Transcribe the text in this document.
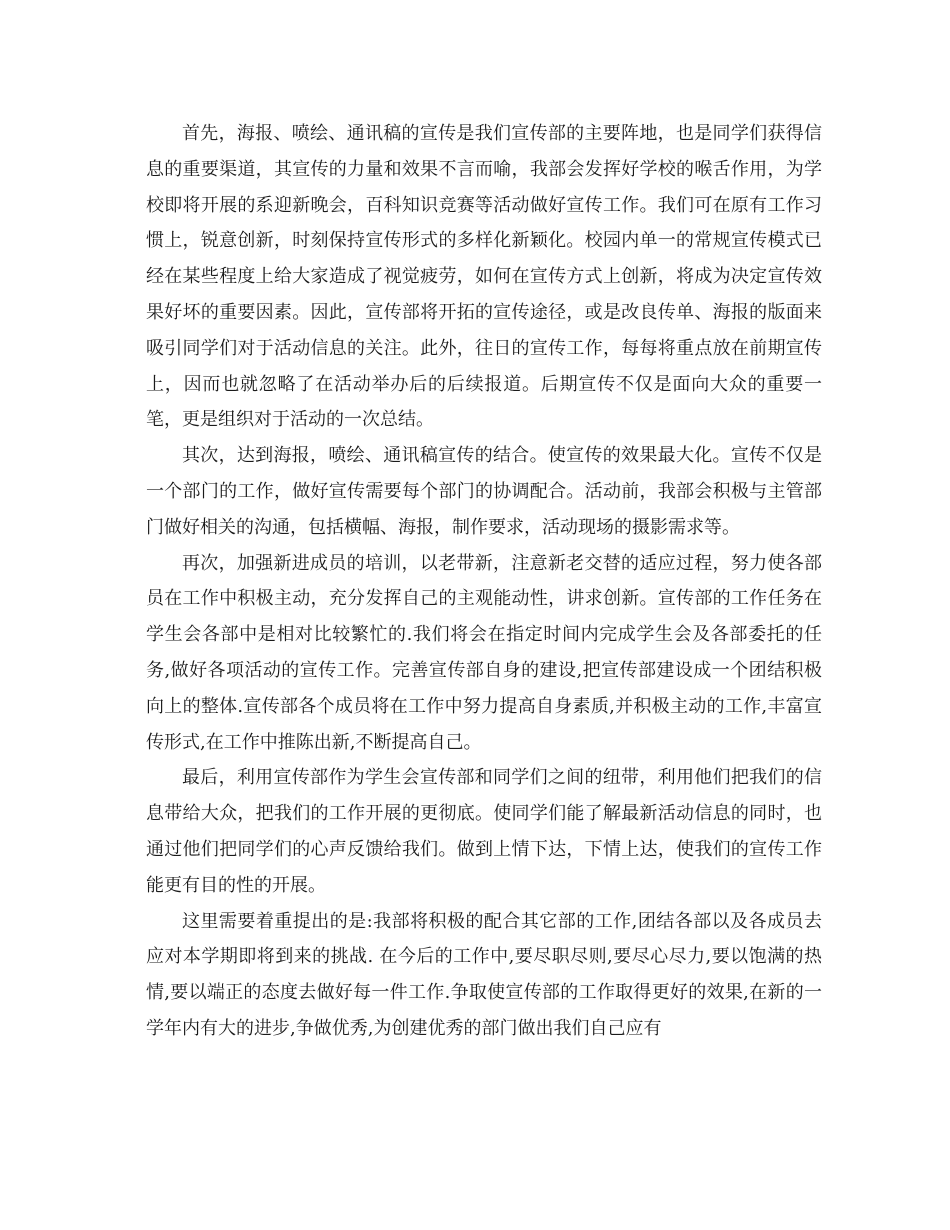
首先，海报、喷绘、通讯稿的宣传是我们宣传部的主要阵地，也是同学们获得信息的重要渠道，其宣传的力量和效果不言而喻，我部会发挥好学校的喉舌作用，为学校即将开展的系迎新晚会，百科知识竞赛等活动做好宣传工作。我们可在原有工作习惯上，锐意创新，时刻保持宣传形式的多样化新颖化。校园内单一的常规宣传模式已经在某些程度上给大家造成了视觉疲劳，如何在宣传方式上创新，将成为决定宣传效果好坏的重要因素。因此，宣传部将开拓的宣传途径，或是改良传单、海报的版面来吸引同学们对于活动信息的关注。此外，往日的宣传工作，每每将重点放在前期宣传上，因而也就忽略了在活动举办后的后续报道。后期宣传不仅是面向大众的重要一笔，更是组织对于活动的一次总结。

其次，达到海报，喷绘、通讯稿宣传的结合。使宣传的效果最大化。宣传不仅是一个部门的工作，做好宣传需要每个部门的协调配合。活动前，我部会积极与主管部门做好相关的沟通，包括横幅、海报，制作要求，活动现场的摄影需求等。

再次，加强新进成员的培训，以老带新，注意新老交替的适应过程，努力使各部员在工作中积极主动，充分发挥自己的主观能动性，讲求创新。宣传部的工作任务在学生会各部中是相对比较繁忙的.我们将会在指定时间内完成学生会及各部委托的任务,做好各项活动的宣传工作。完善宣传部自身的建设,把宣传部建设成一个团结积极向上的整体.宣传部各个成员将在工作中努力提高自身素质,并积极主动的工作,丰富宣传形式,在工作中推陈出新,不断提高自己。

最后，利用宣传部作为学生会宣传部和同学们之间的纽带，利用他们把我们的信息带给大众，把我们的工作开展的更彻底。使同学们能了解最新活动信息的同时，也通过他们把同学们的心声反馈给我们。做到上情下达，下情上达，使我们的宣传工作能更有目的性的开展。

这里需要着重提出的是:我部将积极的配合其它部的工作,团结各部以及各成员去应对本学期即将到来的挑战. 在今后的工作中,要尽职尽则,要尽心尽力,要以饱满的热情,要以端正的态度去做好每一件工作.争取使宣传部的工作取得更好的效果,在新的一学年内有大的进步,争做优秀,为创建优秀的部门做出我们自己应有
